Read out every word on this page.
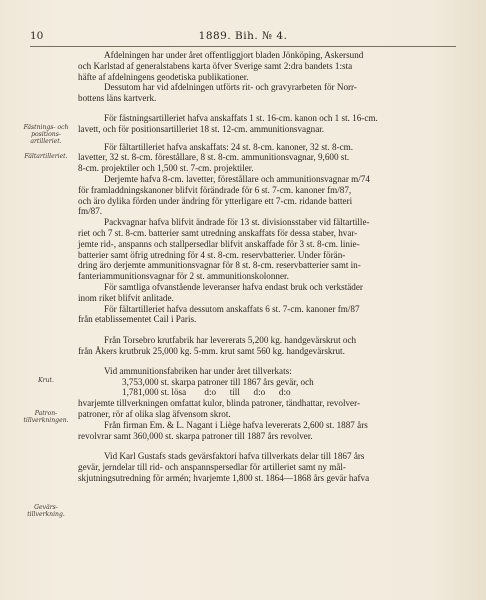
10	1889. Bih. № 4.
Fästnings- och positions- artilleriet.
Fältartilleriet.
Krut.
Patron- tillverkningen.
Gevärs- tillverkning.
Afdelningen har under året offentliggjort bladen Jönköping, Askersund
och Karlstad af generalstabens karta öfver Sverige samt 2:dra bandets 1:sta
häfte af afdelningens geodetiska publikationer.
Dessutom har vid afdelningen utförts rit- och gravyrarbeten för Norr-
bottens läns kartverk.
För fästningsartilleriet hafva anskaffats 1 st. 16-cm. kanon och 1 st. 16-cm.
lavett, och för positionsartilleriet 18 st. 12-cm. ammunitionsvagnar.
För fältartilleriet hafva anskaffats: 24 st. 8-cm. kanoner, 32 st. 8-cm.
lavetter, 32 st. 8-cm. förestållare, 8 st. 8-cm. ammunitionsvagnar, 9,600 st.
8-cm. projektiler och 1,500 st. 7-cm. projektiler.
Derjemte hafva 8-cm. lavetter, förestållare och ammunitionsvagnar m/74
för framladdningskanoner blifvit förändrade för 6 st. 7-cm. kanoner fm/87,
och äro dylika förden under ändring för ytterligare ett 7-cm. ridande batteri
fm/87.
Packvagnar hafva blifvit ändrade för 13 st. divisionsstaber vid fältartille-
riet och 7 st. 8-cm. batterier samt utredning anskaffats för dessa staber, hvar-
jemte rid-, anspanns och stallpersedlar blifvit anskaffade för 3 st. 8-cm. linie-
batterier samt öfrig utredning för 4 st. 8-cm. reservbatterier. Under förän-
dring äro derjemte ammunitionsvagnar för 8 st. 8-cm. reservbatterier samt in-
fanteriammunitionsvagnar för 2 st. ammunitionskolonner.
För samtliga ofvanstående leveranser hafva endast bruk och verkstäder
inom riket blifvit anlitade.
För fältartilleriet hafva dessutom anskaffats 6 st. 7-cm. kanoner fm/87
från etablissementet Cail i Paris.
Från Torsebro krutfabrik har levererats 5,200 kg. handgevärskrut och
från Åkers krutbruk 25,000 kg. 5-mm. krut samt 560 kg. handgevärskrut.
Vid ammunitionsfabriken har under året tillverkats:
3,753,000 st. skarpa patroner till 1867 års gevär, och
1,781,000 st. lösa        d:o      till      d:o      d:o
hvarjemte tillverkningen omfattat kulor, blinda patroner, tändhattar, revolver-
patroner, rör af olika slag äfvensom skrot.
Från firman Em. & L. Nagant i Liège hafva levererats 2,600 st. 1887 års
revolvrar samt 360,000 st. skarpa patroner till 1887 års revolver.
Vid Karl Gustafs stads gevärsfaktori hafva tillverkats delar till 1867 års
gevär, jerndelar till rid- och anspannspersedlar för artilleriet samt ny mål-
skjutningsutredning för armén; hvarjemte 1,800 st. 1864—1868 års gevär hafva
